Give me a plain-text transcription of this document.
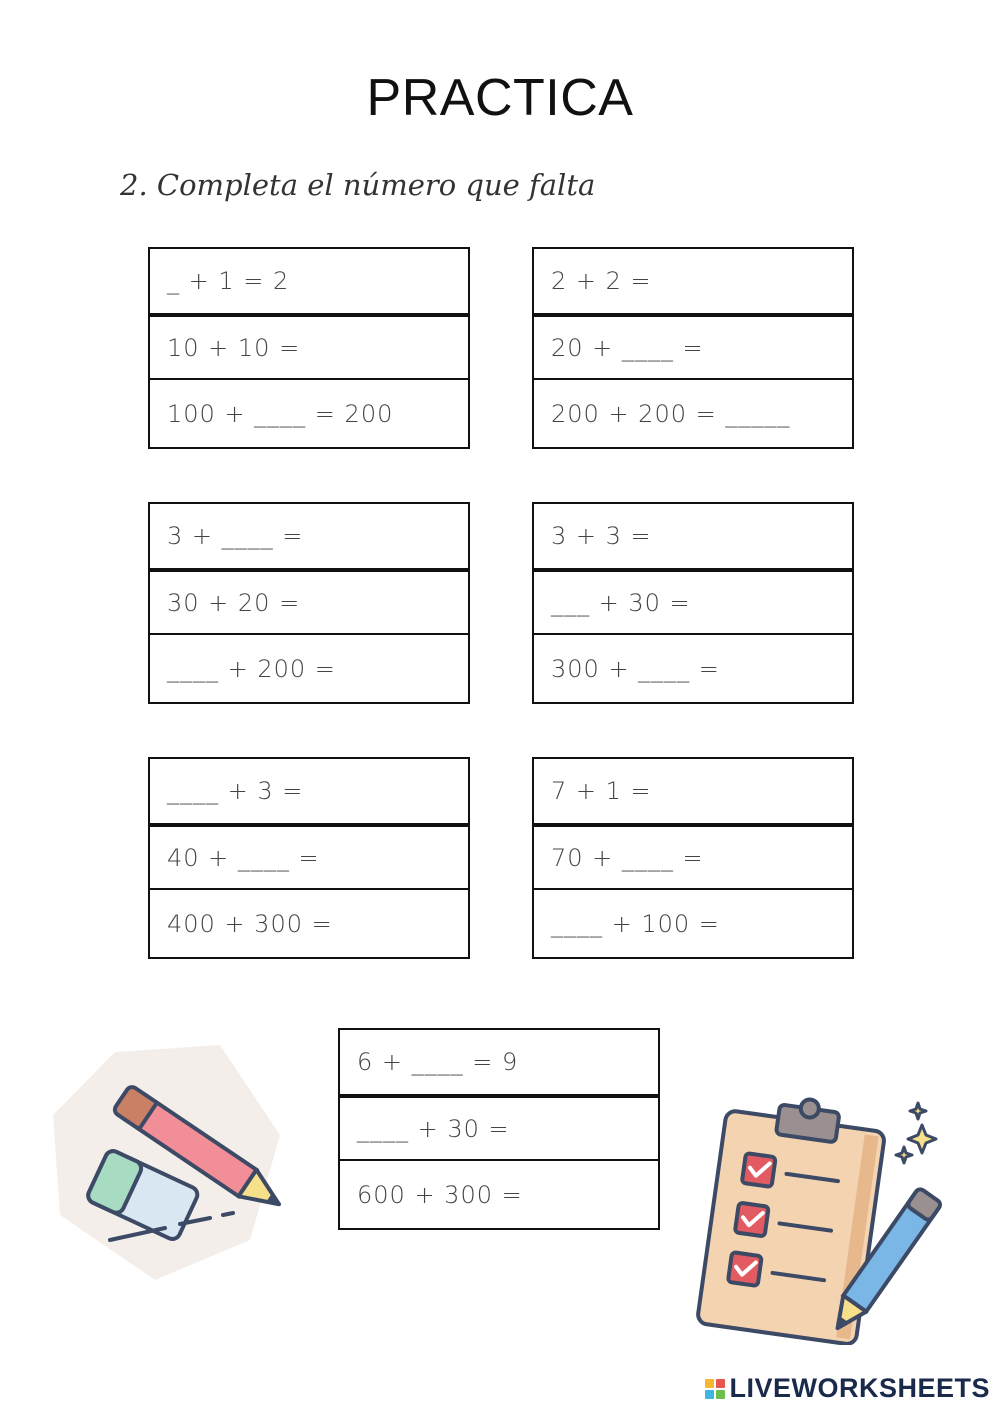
PRACTICA
2. Completa el número que falta
_ + 1 = 2
10 + 10 =
100 + ____ = 200
2 + 2 =
20 + ____ =
200 + 200 = _____
3 + ____ =
30 + 20 =
____ + 200 =
3 + 3 =
___ + 30 =
300 + ____ =
____ + 3 =
40 + ____ =
400 + 300 =
7 + 1 =
70 + ____ =
____ + 100 =
6 + ____ = 9
____ + 30 =
600 + 300 =
LIVEWORKSHEETS
